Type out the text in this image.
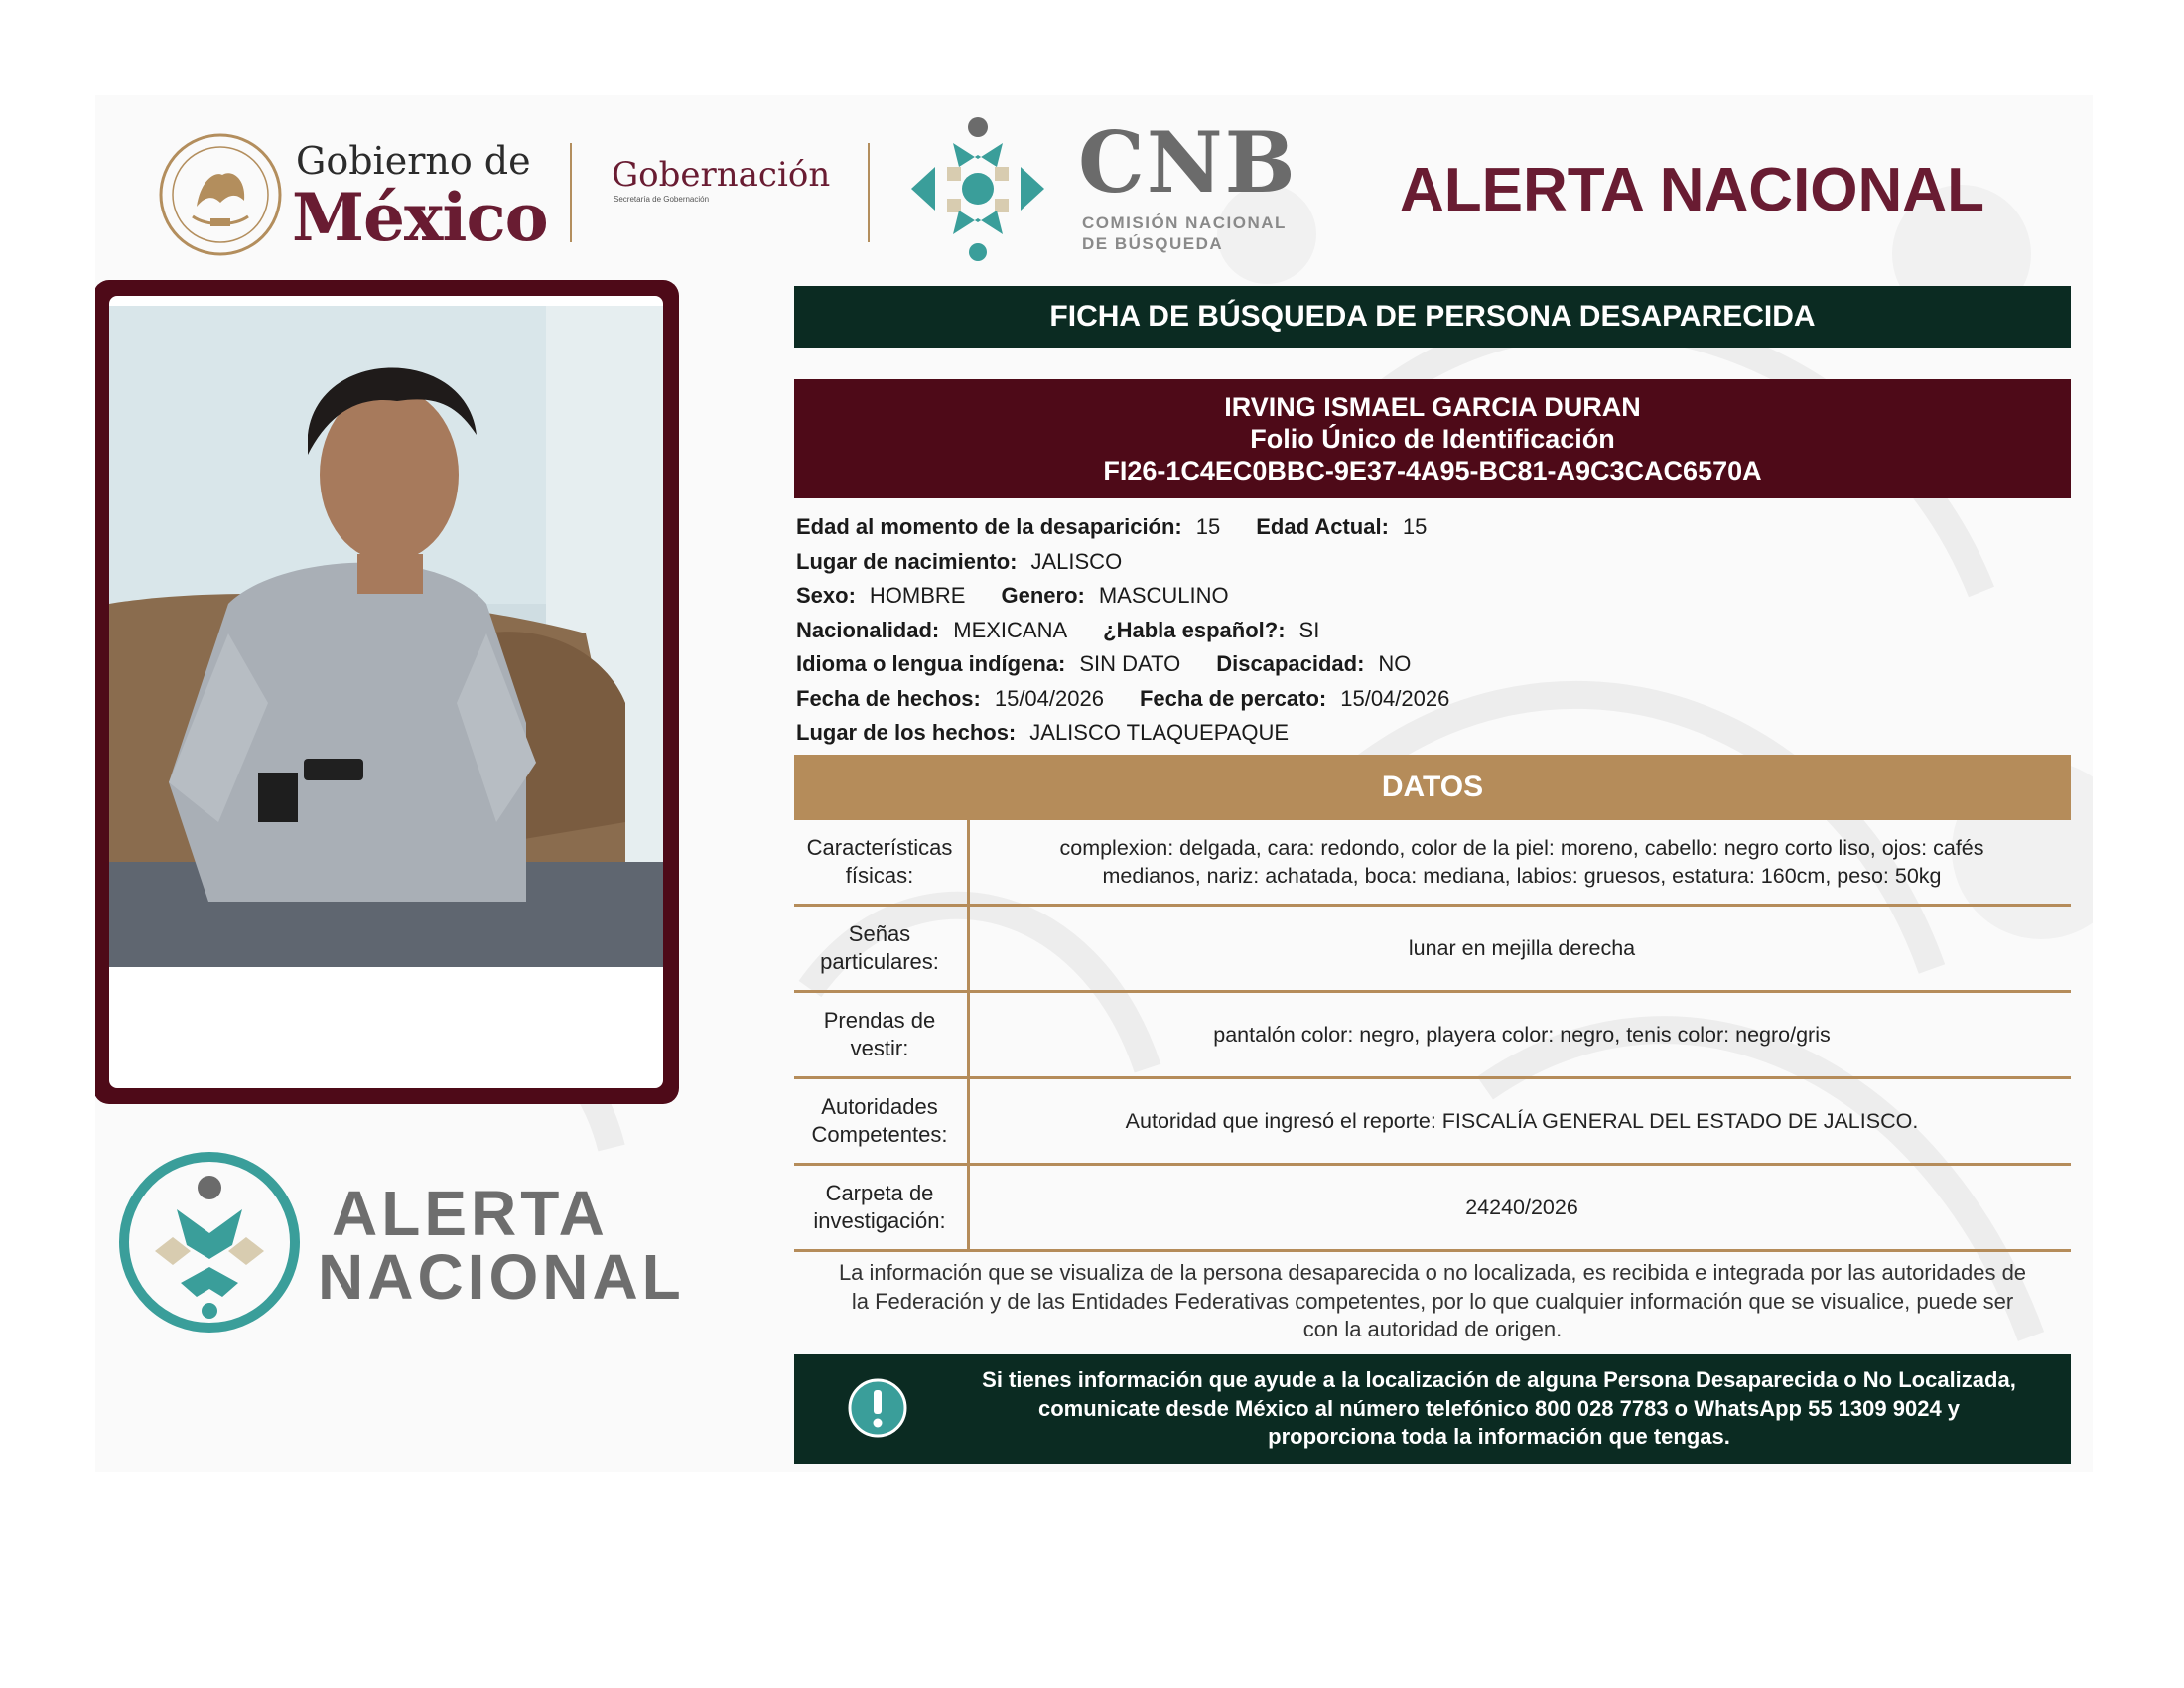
Gobierno de
México
Gobernación
Secretaría de Gobernación	CNB
COMISIÓN NACIONAL
DE BÚSQUEDA
ALERTA NACIONAL
ALERTA
NACIONAL
FICHA DE BÚSQUEDA DE PERSONA DESAPARECIDA
IRVING ISMAEL GARCIA DURAN
Folio Único de Identificación
FI26-1C4EC0BBC-9E37-4A95-BC81-A9C3CAC6570A
Edad al momento de la desaparición: 15 Edad Actual: 15
Lugar de nacimiento: JALISCO
Sexo: HOMBRE Genero: MASCULINO
Nacionalidad: MEXICANA ¿Habla español?: SI
Idioma o lengua indígena: SIN DATO Discapacidad: NO
Fecha de hechos: 15/04/2026 Fecha de percato: 15/04/2026
Lugar de los hechos: JALISCO TLAQUEPAQUE
DATOS
Características
físicas:
complexion: delgada, cara: redondo, color de la piel: moreno, cabello: negro corto liso, ojos: cafés
medianos, nariz: achatada, boca: mediana, labios: gruesos, estatura: 160cm, peso: 50kg
Señas
particulares:
lunar en mejilla derecha
Prendas de
vestir:
pantalón color: negro, playera color: negro, tenis color: negro/gris
Autoridades
Competentes:
Autoridad que ingresó el reporte: FISCALÍA GENERAL DEL ESTADO DE JALISCO.
Carpeta de
investigación:
24240/2026
La información que se visualiza de la persona desaparecida o no localizada, es recibida e integrada por las autoridades de
la Federación y de las Entidades Federativas competentes, por lo que cualquier información que se visualice, puede ser
con la autoridad de origen.
Si tienes información que ayude a la localización de alguna Persona Desaparecida o No Localizada,
comunicate desde México al número telefónico 800 028 7783 o WhatsApp 55 1309 9024 y
proporciona toda la información que tengas.
